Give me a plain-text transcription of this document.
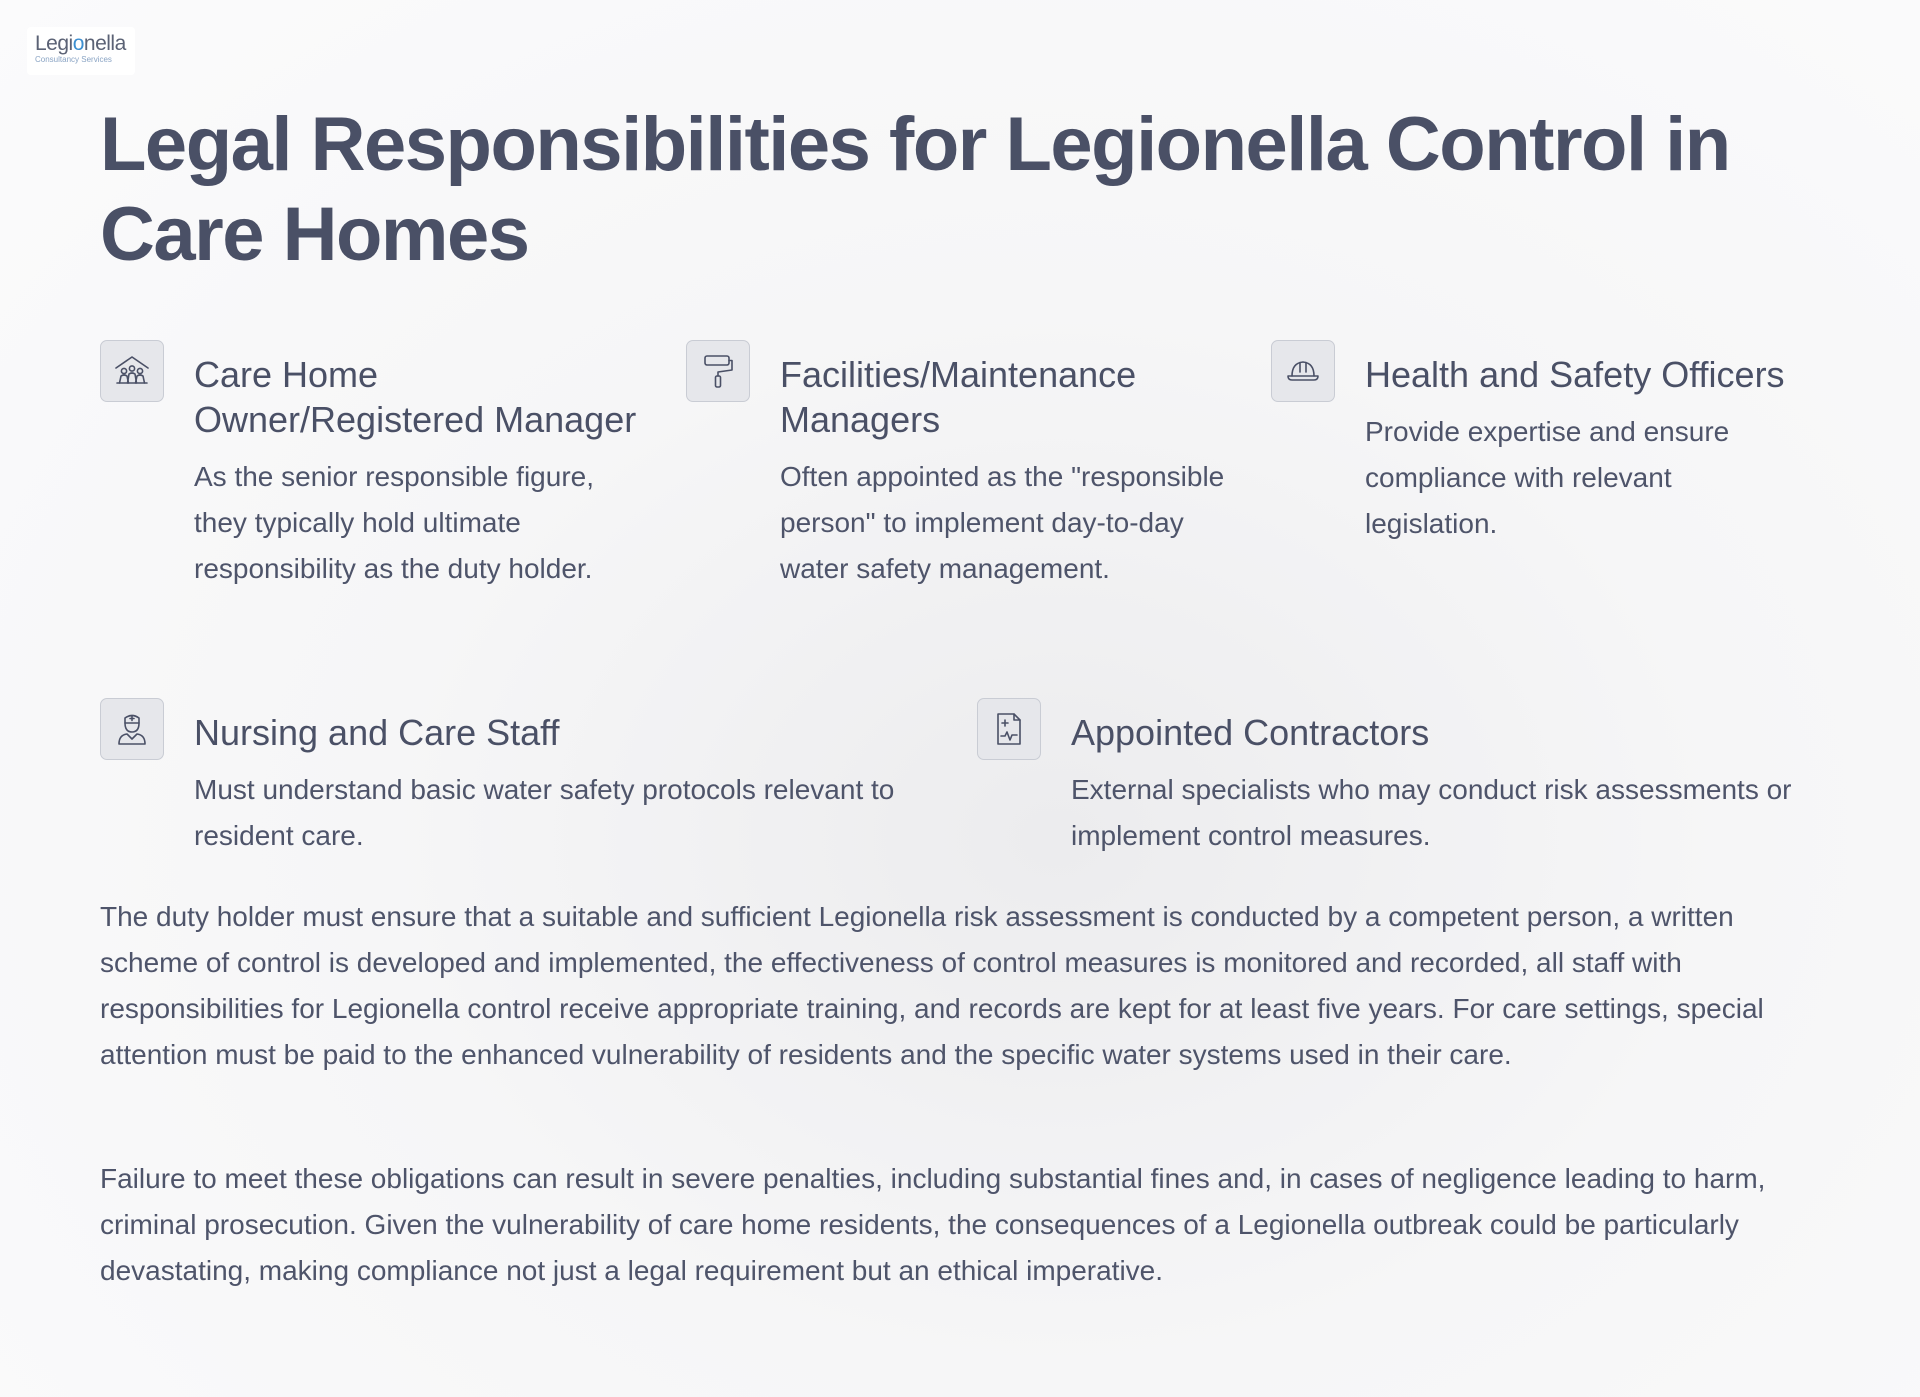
Legionella
Consultancy Services
Legal Responsibilities for Legionella Control in Care Homes
Care Home Owner/Registered Manager

As the senior responsible figure, they typically hold ultimate responsibility as the duty holder.

Facilities/Maintenance Managers

Often appointed as the "responsible person" to implement day-to-day water safety management.

Health and Safety Officers

Provide expertise and ensure compliance with relevant legislation.

Nursing and Care Staff

Must understand basic water safety protocols relevant to resident care.

Appointed Contractors

External specialists who may conduct risk assessments or implement control measures.

The duty holder must ensure that a suitable and sufficient Legionella risk assessment is conducted by a competent person, a written scheme of control is developed and implemented, the effectiveness of control measures is monitored and recorded, all staff with responsibilities for Legionella control receive appropriate training, and records are kept for at least five years. For care settings, special attention must be paid to the enhanced vulnerability of residents and the specific water systems used in their care.

Failure to meet these obligations can result in severe penalties, including substantial fines and, in cases of negligence leading to harm, criminal prosecution. Given the vulnerability of care home residents, the consequences of a Legionella outbreak could be particularly devastating, making compliance not just a legal requirement but an ethical imperative.
